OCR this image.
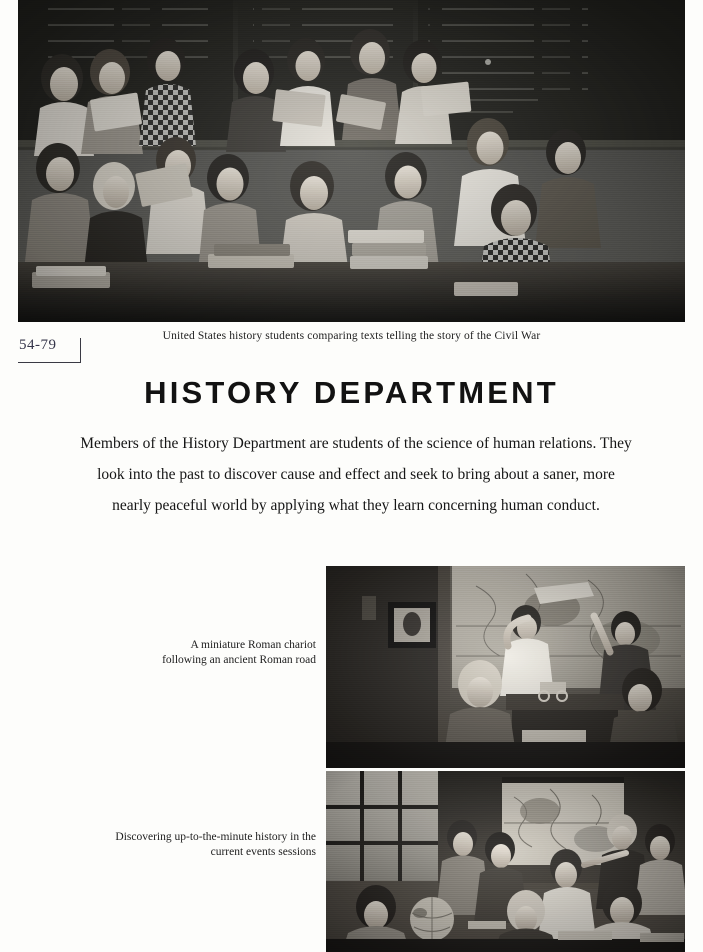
United States history students comparing texts telling the story of the Civil War
54-79
HISTORY DEPARTMENT
Members of the History Department are students of the science of human relations. They look into the past to discover cause and effect and seek to bring about a saner, more nearly peaceful world by applying what they learn concerning human conduct.
A miniature Roman chariot following an ancient Roman road
Discovering up-to-the-minute history in the current events sessions
